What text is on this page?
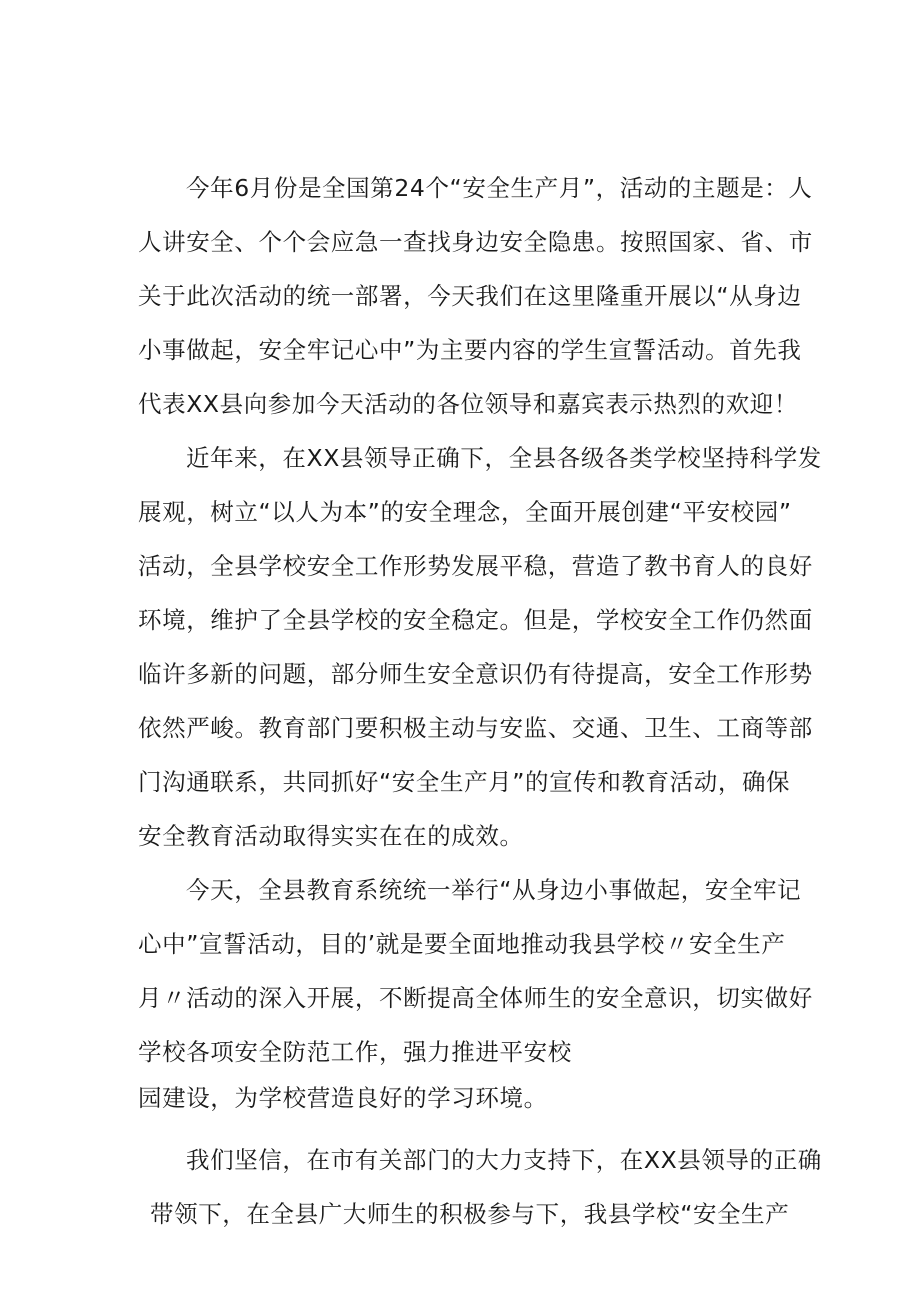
今年6月份是全国第24个“安全生产月”，活动的主题是：人
人讲安全、个个会应急一查找身边安全隐患。按照国家、省、市
关于此次活动的统一部署，今天我们在这里隆重开展以“从身边
小事做起，安全牢记心中”为主要内容的学生宣誓活动。首先我
代表XX县向参加今天活动的各位领导和嘉宾表示热烈的欢迎！
近年来，在XX县领导正确下，全县各级各类学校坚持科学发
展观，树立“以人为本”的安全理念，全面开展创建“平安校园”
活动，全县学校安全工作形势发展平稳，营造了教书育人的良好
环境，维护了全县学校的安全稳定。但是，学校安全工作仍然面
临许多新的问题，部分师生安全意识仍有待提高，安全工作形势
依然严峻。教育部门要积极主动与安监、交通、卫生、工商等部
门沟通联系，共同抓好“安全生产月”的宣传和教育活动，确保
安全教育活动取得实实在在的成效。
今天，全县教育系统统一举行“从身边小事做起，安全牢记
心中”宣誓活动，目的’就是要全面地推动我县学校〃安全生产
月〃活动的深入开展，不断提高全体师生的安全意识，切实做好
学校各项安全防范工作，强力推进平安校
园建设，为学校营造良好的学习环境。
我们坚信，在市有关部门的大力支持下，在XX县领导的正确
带领下，在全县广大师生的积极参与下，我县学校“安全生产
